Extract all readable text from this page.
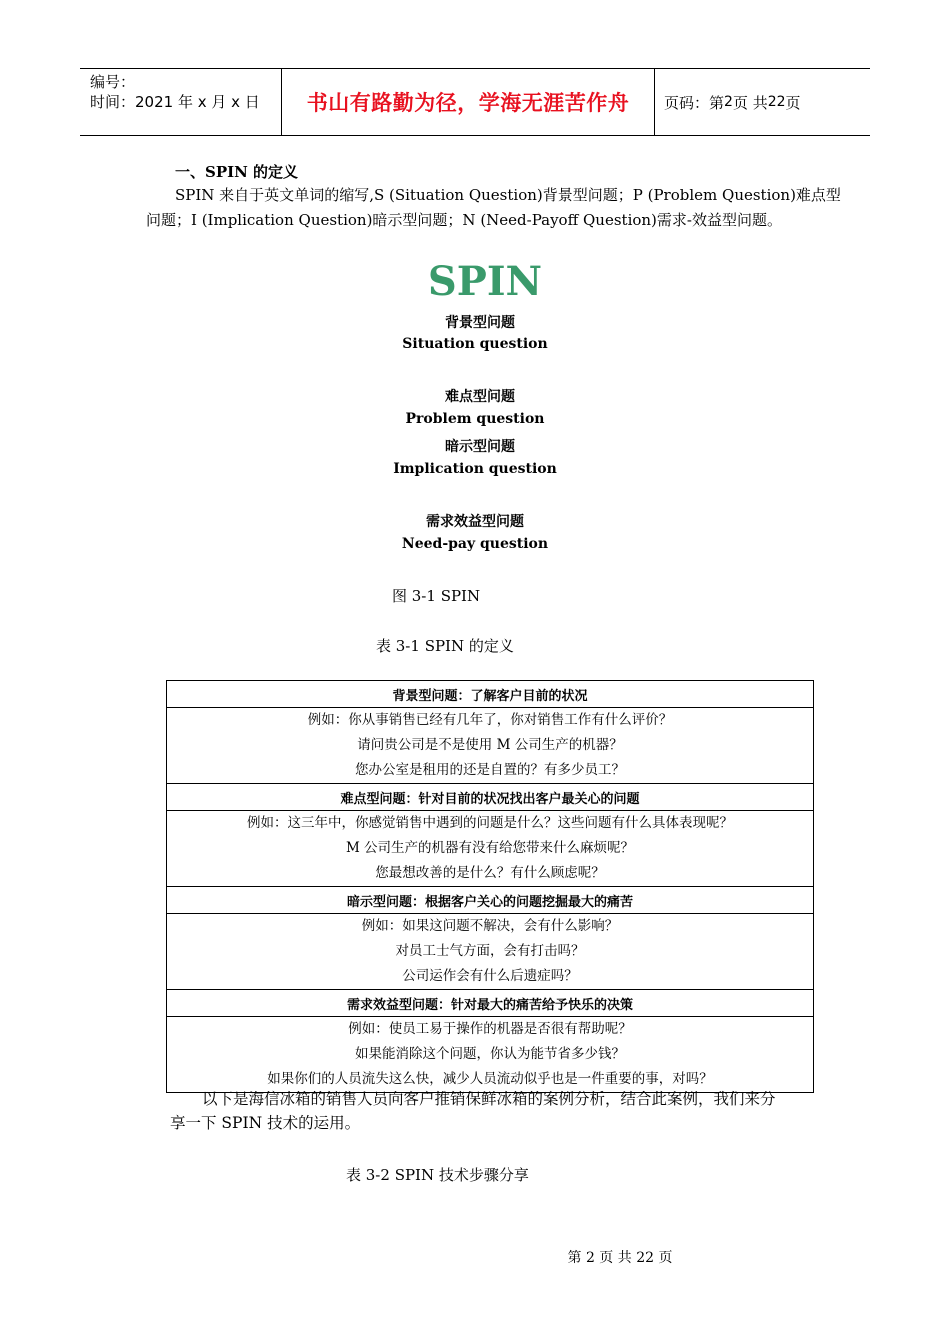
编号：
时间：2021 年 x 月 x 日 书山有路勤为径，学海无涯苦作舟 页码：第 2 页 共 22 页
一、SPIN 的定义
SPIN 来自于英文单词的缩写,S (Situation Question)背景型问题；P (Problem Question)难点型
问题；I (Implication Question)暗示型问题；N (Need-Payoff Question)需求-效益型问题。
SPIN
背景型问题
Situation question
难点型问题
Problem question
暗示型问题
Implication question
需求效益型问题
Need-pay question
图 3-1 SPIN
表 3-1 SPIN 的定义
背景型问题：了解客户目前的状况

例如：你从事销售已经有几年了，你对销售工作有什么评价？
请问贵公司是不是使用 M 公司生产的机器？
您办公室是租用的还是自置的？有多少员工？

难点型问题：针对目前的状况找出客户最关心的问题

例如：这三年中，你感觉销售中遇到的问题是什么？这些问题有什么具体表现呢？
M 公司生产的机器有没有给您带来什么麻烦呢？
您最想改善的是什么？有什么顾虑呢？

暗示型问题：根据客户关心的问题挖掘最大的痛苦

例如：如果这问题不解决，会有什么影响？
对员工士气方面，会有打击吗？
公司运作会有什么后遗症吗？

需求效益型问题：针对最大的痛苦给予快乐的决策

例如：使员工易于操作的机器是否很有帮助呢？
如果能消除这个问题，你认为能节省多少钱？
如果你们的人员流失这么快，减少人员流动似乎也是一件重要的事，对吗？
以下是海信冰箱的销售人员向客户推销保鲜冰箱的案例分析，结合此案例，我们来分
享一下 SPIN 技术的运用。
表 3-2 SPIN 技术步骤分享
第 2 页 共 22 页
